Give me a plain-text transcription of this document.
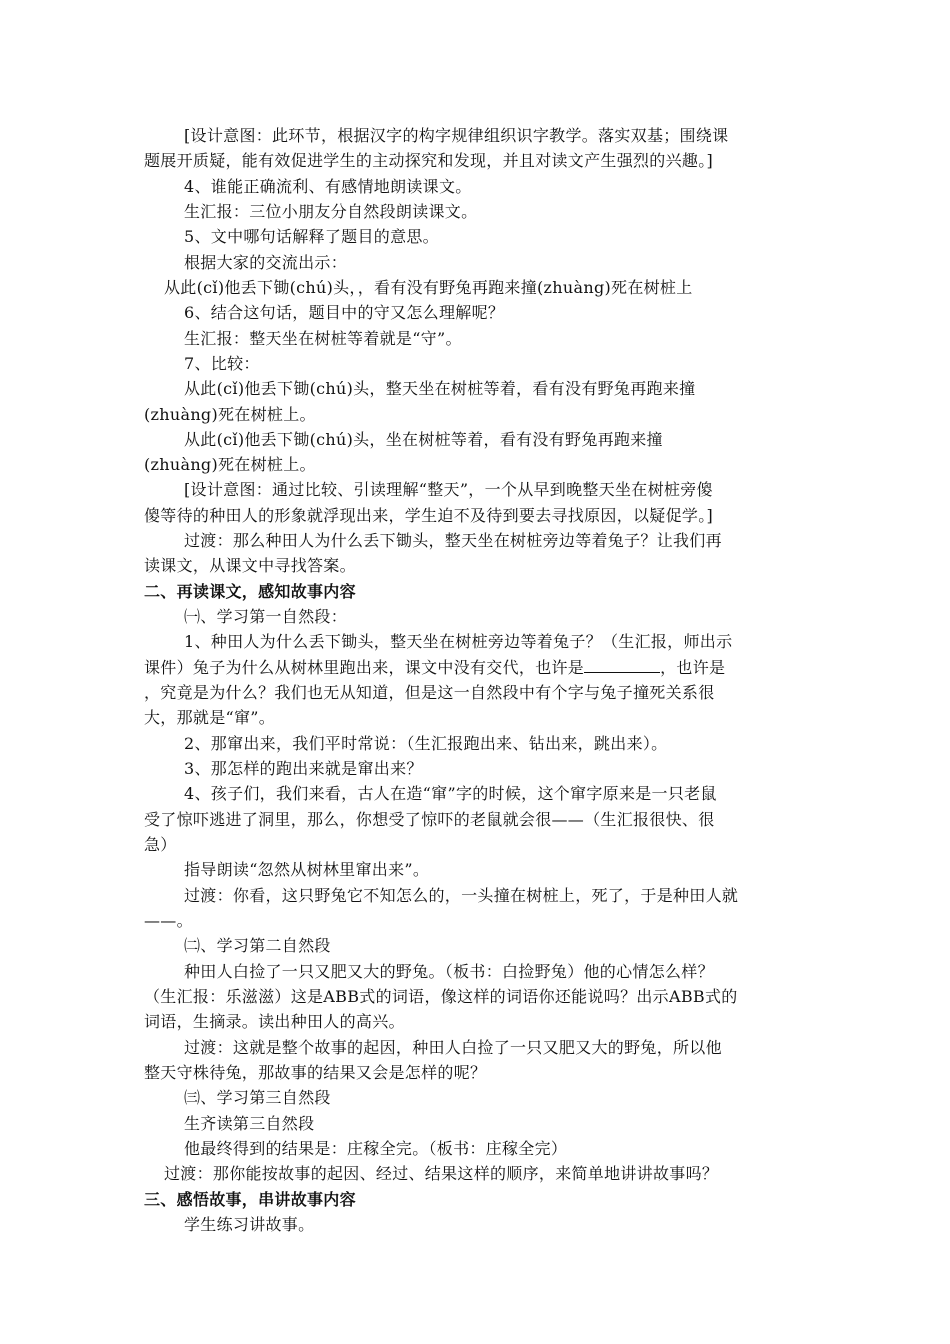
[设计意图：此环节，根据汉字的构字规律组织识字教学。落实双基；围绕课
题展开质疑，能有效促进学生的主动探究和发现，并且对读文产生强烈的兴趣。]
4、谁能正确流利、有感情地朗读课文。
生汇报：三位小朋友分自然段朗读课文。
5、文中哪句话解释了题目的意思。
根据大家的交流出示：
从此(cǐ)他丢下锄(chú)头，，看有没有野兔再跑来撞(zhuàng)死在树桩上
6、结合这句话，题目中的守又怎么理解呢？
生汇报：整天坐在树桩等着就是“守”。
7、比较：
从此(cǐ)他丢下锄(chú)头，整天坐在树桩等着，看有没有野兔再跑来撞
(zhuàng)死在树桩上。
从此(cǐ)他丢下锄(chú)头，坐在树桩等着，看有没有野兔再跑来撞
(zhuàng)死在树桩上。
[设计意图：通过比较、引读理解“整天”，一个从早到晚整天坐在树桩旁傻
傻等待的种田人的形象就浮现出来，学生迫不及待到要去寻找原因，以疑促学。]
过渡：那么种田人为什么丢下锄头，整天坐在树桩旁边等着兔子？让我们再
读课文，从课文中寻找答案。
二、再读课文，感知故事内容
㈠、学习第一自然段：
1、种田人为什么丢下锄头，整天坐在树桩旁边等着兔子？（生汇报，师出示
课件）兔子为什么从树林里跑出来，课文中没有交代，也许是	，也许是
，究竟是为什么？我们也无从知道，但是这一自然段中有个字与兔子撞死关系很
大，那就是“窜”。
2、那窜出来，我们平时常说：（生汇报跑出来、钻出来，跳出来）。
3、那怎样的跑出来就是窜出来？
4、孩子们，我们来看，古人在造“窜”字的时候，这个窜字原来是一只老鼠
受了惊吓逃进了洞里，那么，你想受了惊吓的老鼠就会很——（生汇报很快、很
急）
指导朗读“忽然从树林里窜出来”。
过渡：你看，这只野兔它不知怎么的，一头撞在树桩上，死了，于是种田人就
——。
㈡、学习第二自然段
种田人白捡了一只又肥又大的野兔。（板书：白捡野兔）他的心情怎么样？
（生汇报：乐滋滋）这是ABB式的词语，像这样的词语你还能说吗？出示ABB式的
词语，生摘录。读出种田人的高兴。
过渡：这就是整个故事的起因，种田人白捡了一只又肥又大的野兔，所以他
整天守株待兔，那故事的结果又会是怎样的呢？
㈢、学习第三自然段
生齐读第三自然段
他最终得到的结果是：庄稼全完。（板书：庄稼全完）
过渡：那你能按故事的起因、经过、结果这样的顺序，来简单地讲讲故事吗？
三、感悟故事，串讲故事内容
学生练习讲故事。
